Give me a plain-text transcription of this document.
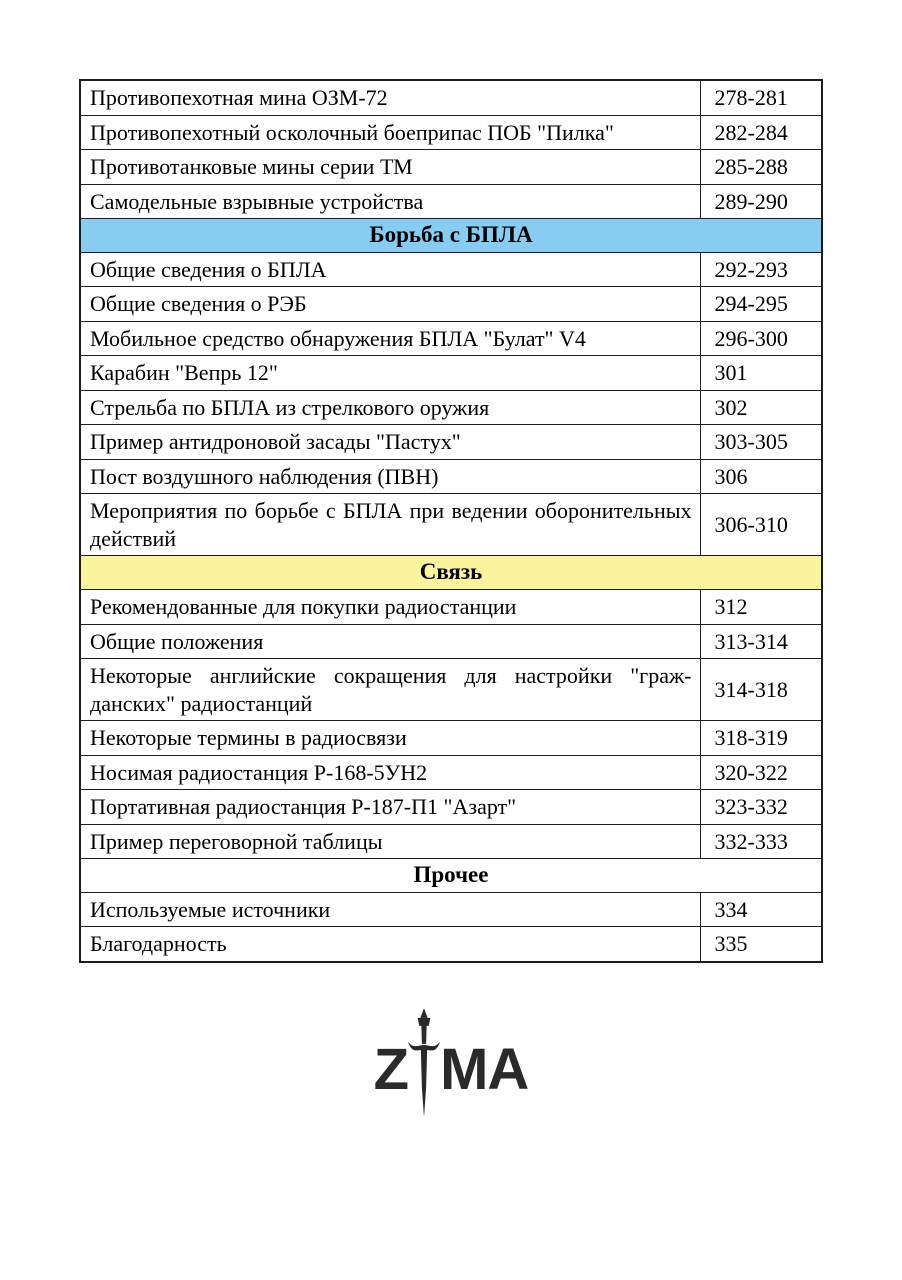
Противопехотная мина ОЗМ-72	278-281
Противопехотный осколочный боеприпас ПОБ "Пилка"	282-284
Противотанковые мины серии ТМ	285-288
Самодельные взрывные устройства	289-290
Борьба с БПЛА	
Общие сведения о БПЛА	292-293
Общие сведения о РЭБ	294-295
Мобильное средство обнаружения БПЛА "Булат" V4	296-300
Карабин "Вепрь 12"	301
Стрельба по БПЛА из стрелкового оружия	302
Пример антидроновой засады "Пастух"	303-305
Пост воздушного наблюдения (ПВН)	306
Мероприятия по борьбе с БПЛА при ведении оборонительных действий	306-310
Связь	
Рекомендованные для покупки радиостанции	312
Общие положения	313-314
Некоторые английские сокращения для настройки "гражданских" радиостанций	314-318
Некоторые термины в радиосвязи	318-319
Носимая радиостанция Р-168-5УН2	320-322
Портативная радиостанция Р-187-П1 "Азарт"	323-332
Пример переговорной таблицы	332-333
Прочее	
Используемые источники	334
Благодарность	335
Z MA
